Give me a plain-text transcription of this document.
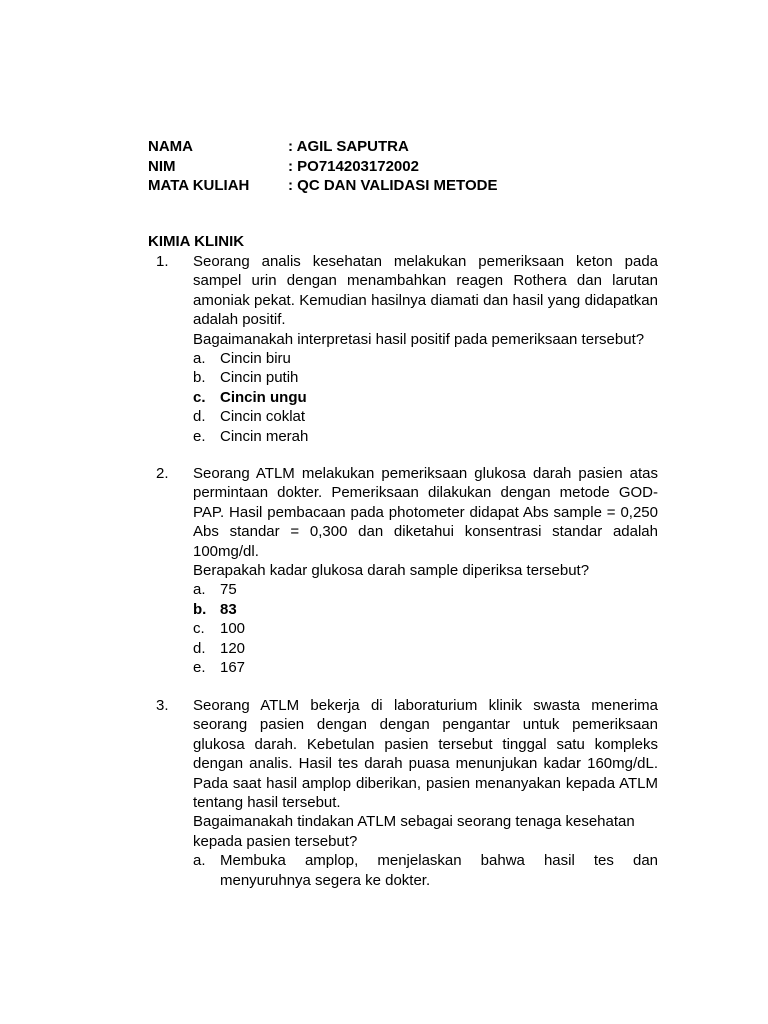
NAMA	: AGIL SAPUTRA
NIM	: PO714203172002
MATA KULIAH	: QC DAN VALIDASI METODE
KIMIA KLINIK
1. Seorang analis kesehatan melakukan pemeriksaan keton pada sampel urin dengan menambahkan reagen Rothera dan larutan amoniak pekat. Kemudian hasilnya diamati dan hasil yang didapatkan adalah positif.
Bagaimanakah interpretasi hasil positif pada pemeriksaan tersebut?
a. Cincin biru
b. Cincin putih
c. Cincin ungu
d. Cincin coklat
e. Cincin merah
2. Seorang ATLM melakukan pemeriksaan glukosa darah pasien atas permintaan dokter. Pemeriksaan dilakukan dengan metode GOD-PAP. Hasil pembacaan pada photometer didapat Abs sample = 0,250 Abs standar = 0,300 dan diketahui konsentrasi standar adalah 100mg/dl.
Berapakah kadar glukosa darah sample diperiksa tersebut?
a. 75
b. 83
c. 100
d. 120
e. 167
3. Seorang ATLM bekerja di laboraturium klinik swasta menerima seorang pasien dengan dengan pengantar untuk pemeriksaan glukosa darah. Kebetulan pasien tersebut tinggal satu kompleks dengan analis. Hasil tes darah puasa menunjukan kadar 160mg/dL. Pada saat hasil amplop diberikan, pasien menanyakan kepada ATLM tentang hasil tersebut.
Bagaimanakah tindakan ATLM sebagai seorang tenaga kesehatan kepada pasien tersebut?
a. Membuka amplop, menjelaskan bahwa hasil tes dan menyuruhnya segera ke dokter.
